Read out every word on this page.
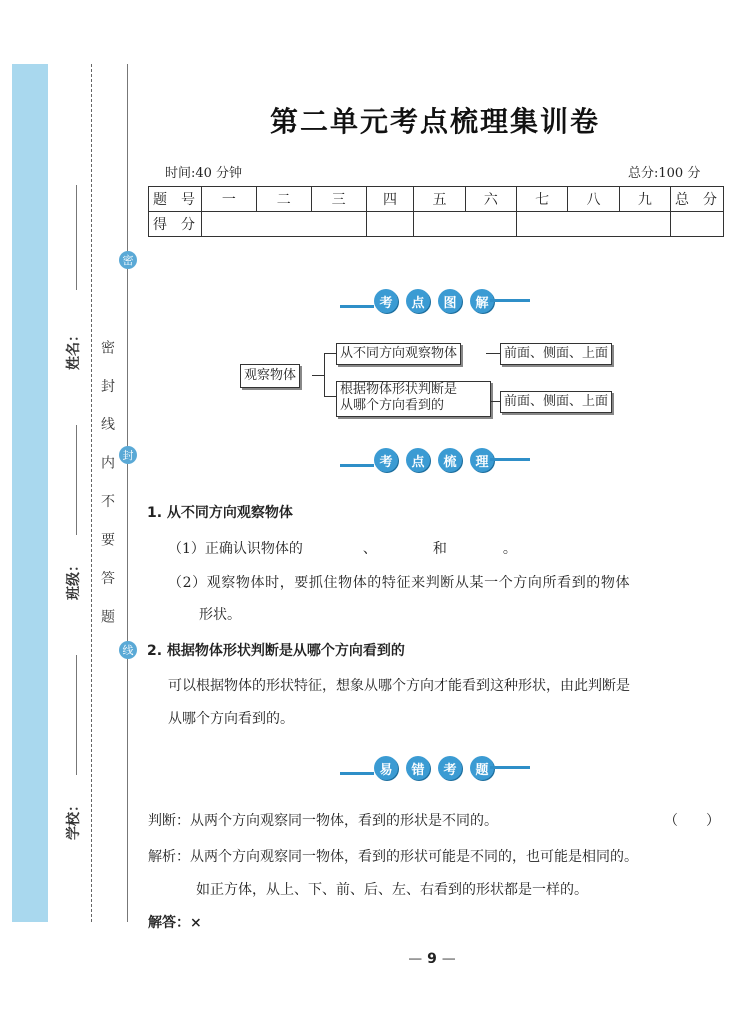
姓名：
班级：
学校：
密 封 线 内 不 要 答 题
密
封
线
第二单元考点梳理集训卷
时间:40 分钟	总分:100 分
题　号	一	二	三	四	五	六	七	八	九	总　分
得　分										
考	点	图	解
观察物体
从不同方向观察物体	前面、侧面、上面
根据物体形状判断是
从哪个方向看到的	前面、侧面、上面
考	点	梳	理
1. 从不同方向观察物体
（1）正确认识物体的	、	和	。
（2）观察物体时，要抓住物体的特征来判断从某一个方向所看到的物体
形状。
2. 根据物体形状判断是从哪个方向看到的
可以根据物体的形状特征，想象从哪个方向才能看到这种形状，由此判断是
从哪个方向看到的。
易	错	考	题
判断：从两个方向观察同一物体，看到的形状是不同的。	（　　）
解析：从两个方向观察同一物体，看到的形状可能是不同的，也可能是相同的。
如正方体，从上、下、前、后、左、右看到的形状都是一样的。
解答：×
— 9 —
